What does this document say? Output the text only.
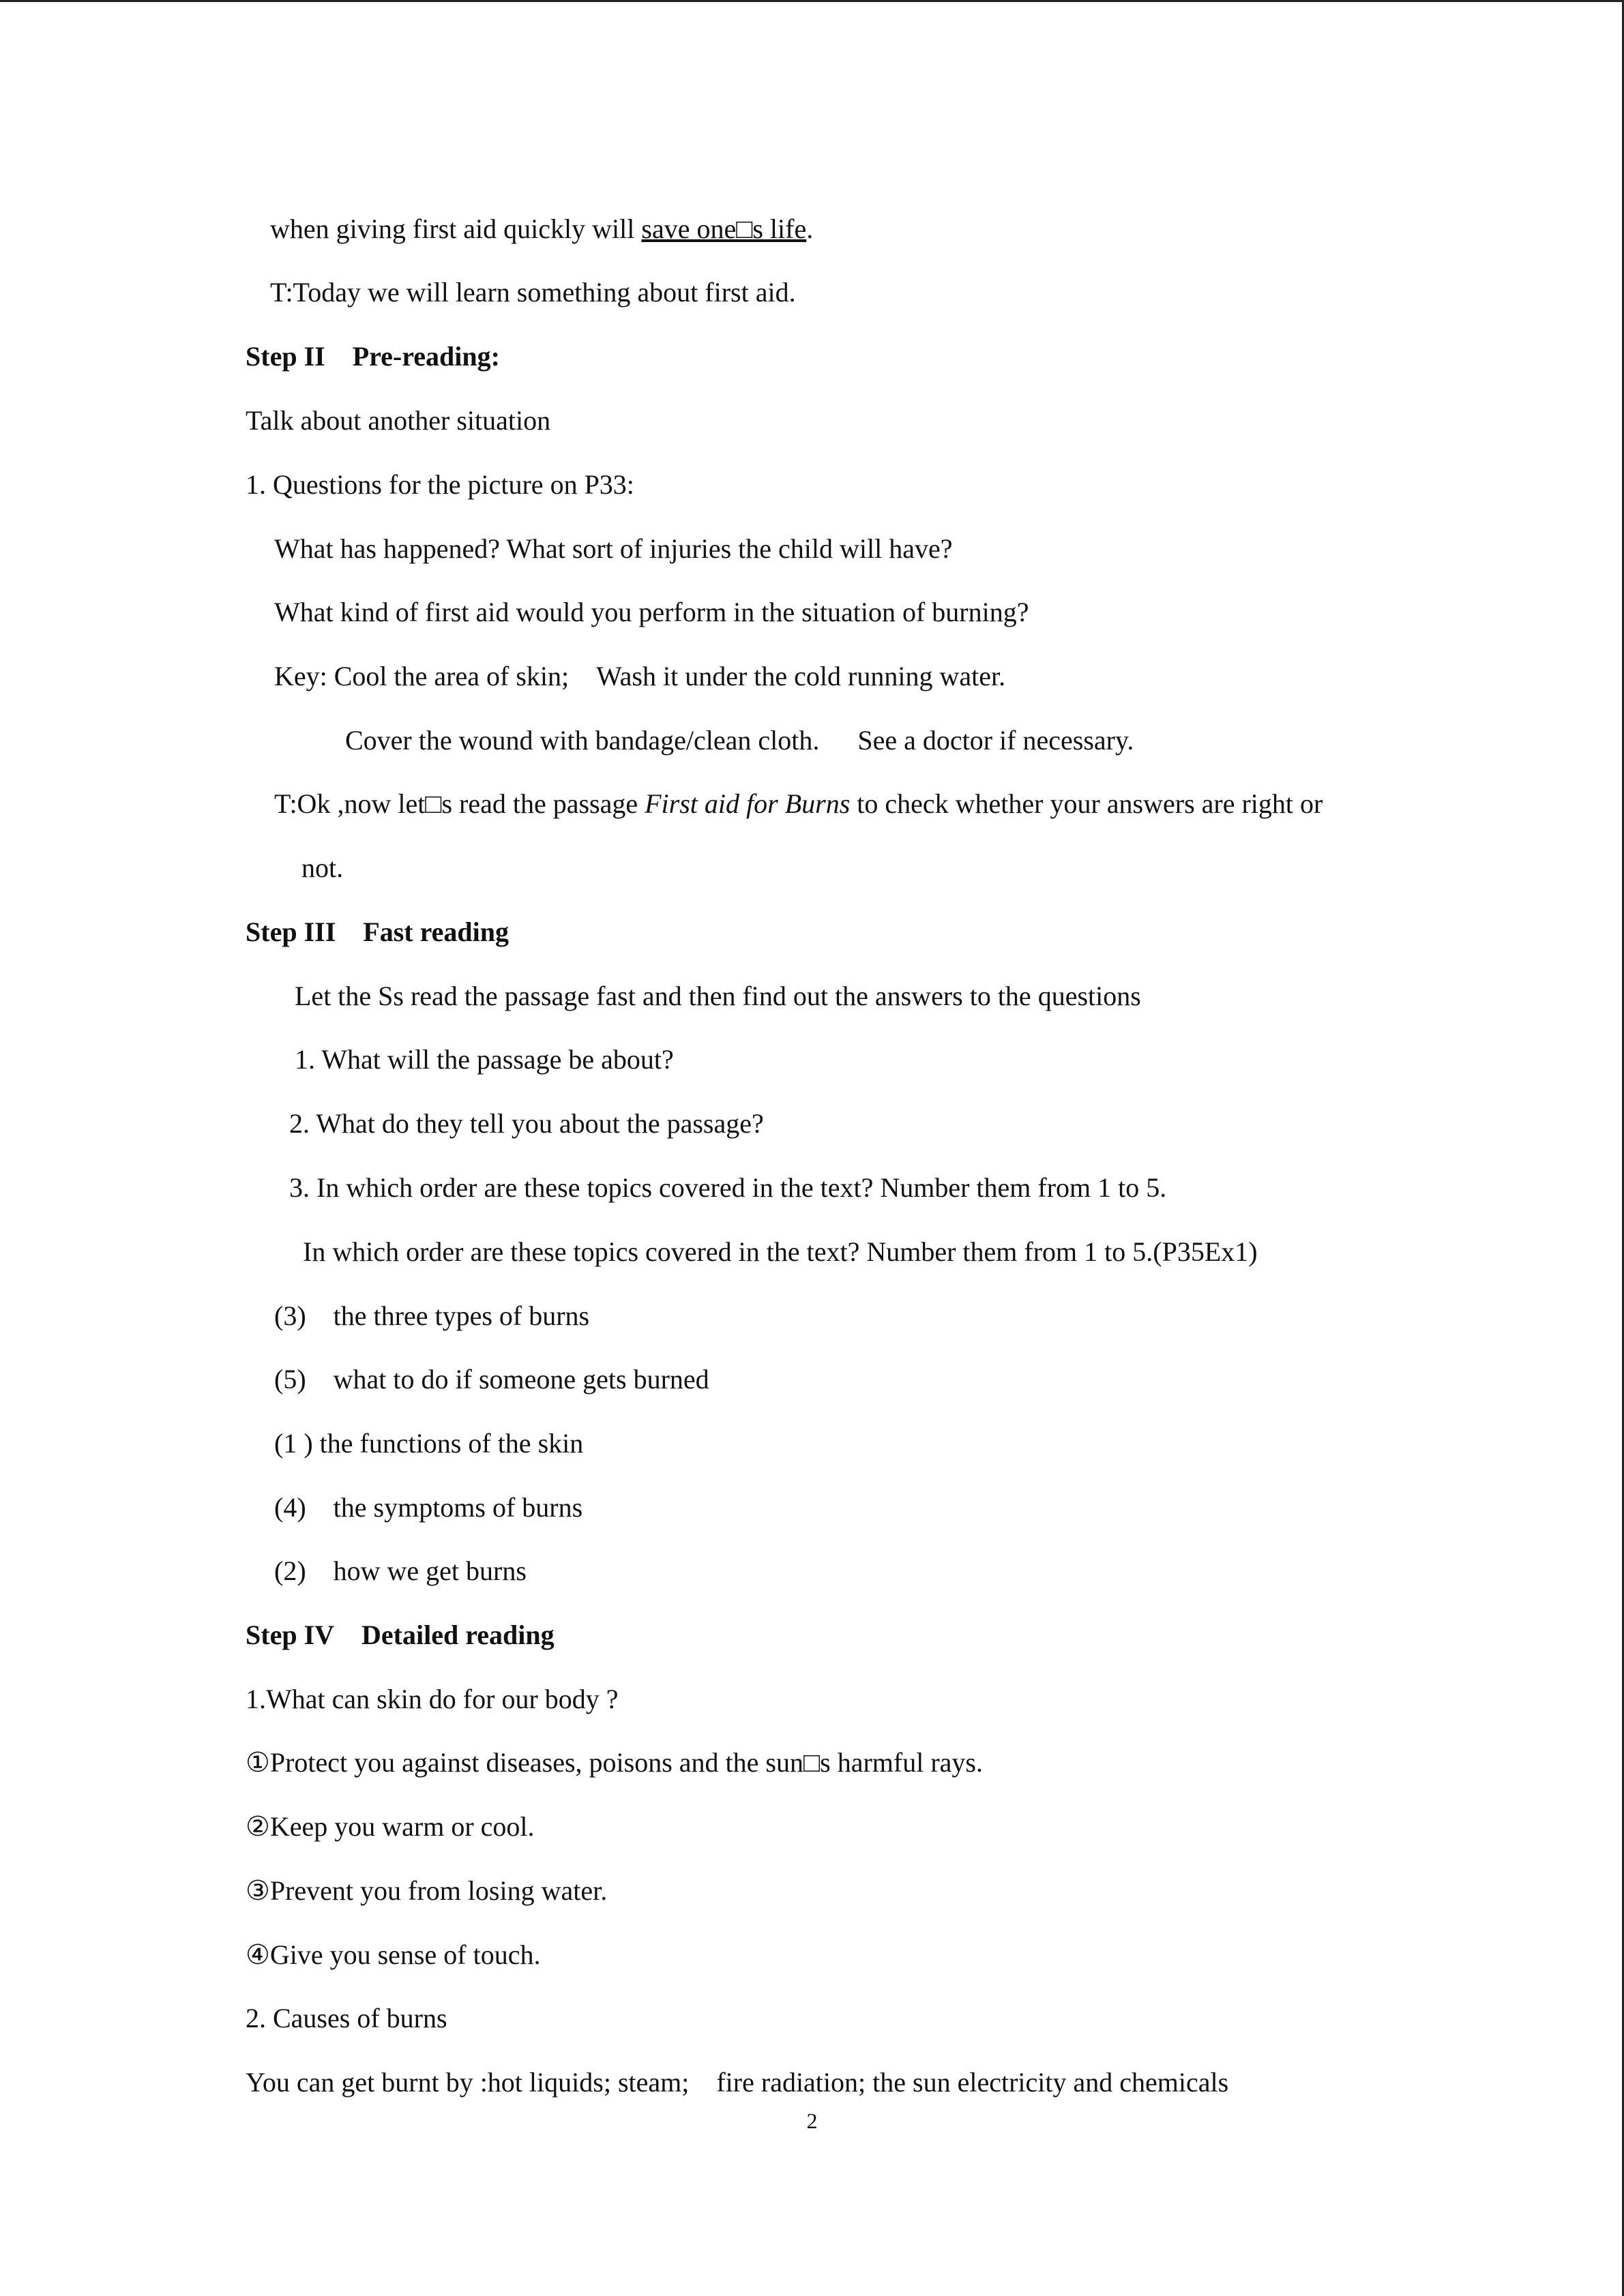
when giving first aid quickly will save one□s life.
T:Today we will learn something about first aid.
Step II Pre-reading:
Talk about another situation
1. Questions for the picture on P33:
What has happened? What sort of injuries the child will have?
What kind of first aid would you perform in the situation of burning?
Key: Cool the area of skin; Wash it under the cold running water.
Cover the wound with bandage/clean cloth. See a doctor if necessary.
T:Ok ,now let□s read the passage First aid for Burns to check whether your answers are right or
not.
Step III Fast reading
Let the Ss read the passage fast and then find out the answers to the questions
1. What will the passage be about?
2. What do they tell you about the passage?
3. In which order are these topics covered in the text? Number them from 1 to 5.
In which order are these topics covered in the text? Number them from 1 to 5.(P35Ex1)
(3) the three types of burns
(5) what to do if someone gets burned
(1 ) the functions of the skin
(4) the symptoms of burns
(2) how we get burns
Step IV Detailed reading
1.What can skin do for our body ?
①Protect you against diseases, poisons and the sun□s harmful rays.
②Keep you warm or cool.
③Prevent you from losing water.
④Give you sense of touch.
2. Causes of burns
You can get burnt by :hot liquids; steam; fire radiation; the sun electricity and chemicals
2
